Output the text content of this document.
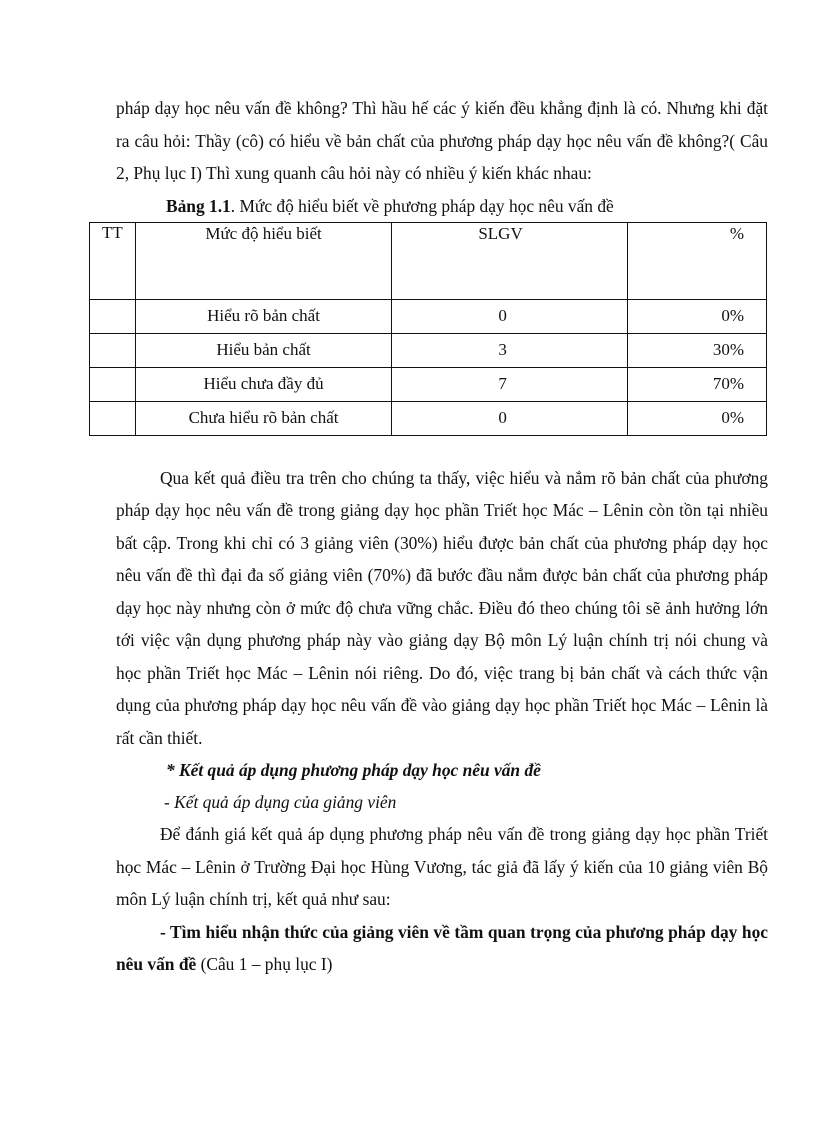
pháp dạy học nêu vấn đề không? Thì hầu hế các ý kiến đều khẳng định là có. Nhưng khi đặt ra câu hỏi: Thầy (cô) có hiểu về bản chất của phương pháp dạy học nêu vấn đề không?( Câu 2, Phụ lục I) Thì xung quanh câu hỏi này có nhiều ý kiến khác nhau:

Bảng 1.1. Mức độ hiểu biết về phương pháp dạy học nêu vấn đề

TT	Mức độ hiểu biết	SLGV	%
	Hiểu rõ bản chất	0	0%
	Hiểu bản chất	3	30%
	Hiểu chưa đầy đủ	7	70%
	Chưa hiểu rõ bản chất	0	0%

Qua kết quả điều tra trên cho chúng ta thấy, việc hiểu và nắm rõ bản chất của phương pháp dạy học nêu vấn đề trong giảng dạy học phần Triết học Mác – Lênin còn tồn tại nhiều bất cập. Trong khi chỉ có 3 giảng viên (30%) hiểu được bản chất của phương pháp dạy học nêu vấn đề thì đại đa số giảng viên (70%) đã bước đầu nắm được bản chất của phương pháp dạy học này nhưng còn ở mức độ chưa vững chắc. Điều đó theo chúng tôi sẽ ảnh hưởng lớn tới việc vận dụng phương pháp này vào giảng dạy Bộ môn Lý luận chính trị nói chung và học phần Triết học Mác – Lênin nói riêng. Do đó, việc trang bị bản chất và cách thức vận dụng của phương pháp dạy học nêu vấn đề vào giảng dạy học phần Triết học Mác – Lênin là rất cần thiết.

* Kết quả áp dụng phương pháp dạy học nêu vấn đề

- Kết quả áp dụng của giảng viên

Để đánh giá kết quả áp dụng phương pháp nêu vấn đề trong giảng dạy học phần Triết học Mác – Lênin ở Trường Đại học Hùng Vương, tác giả đã lấy ý kiến của 10 giảng viên Bộ môn Lý luận chính trị, kết quả như sau:

- Tìm hiểu nhận thức của giảng viên về tầm quan trọng của phương pháp dạy học nêu vấn đề (Câu 1 – phụ lục I)
